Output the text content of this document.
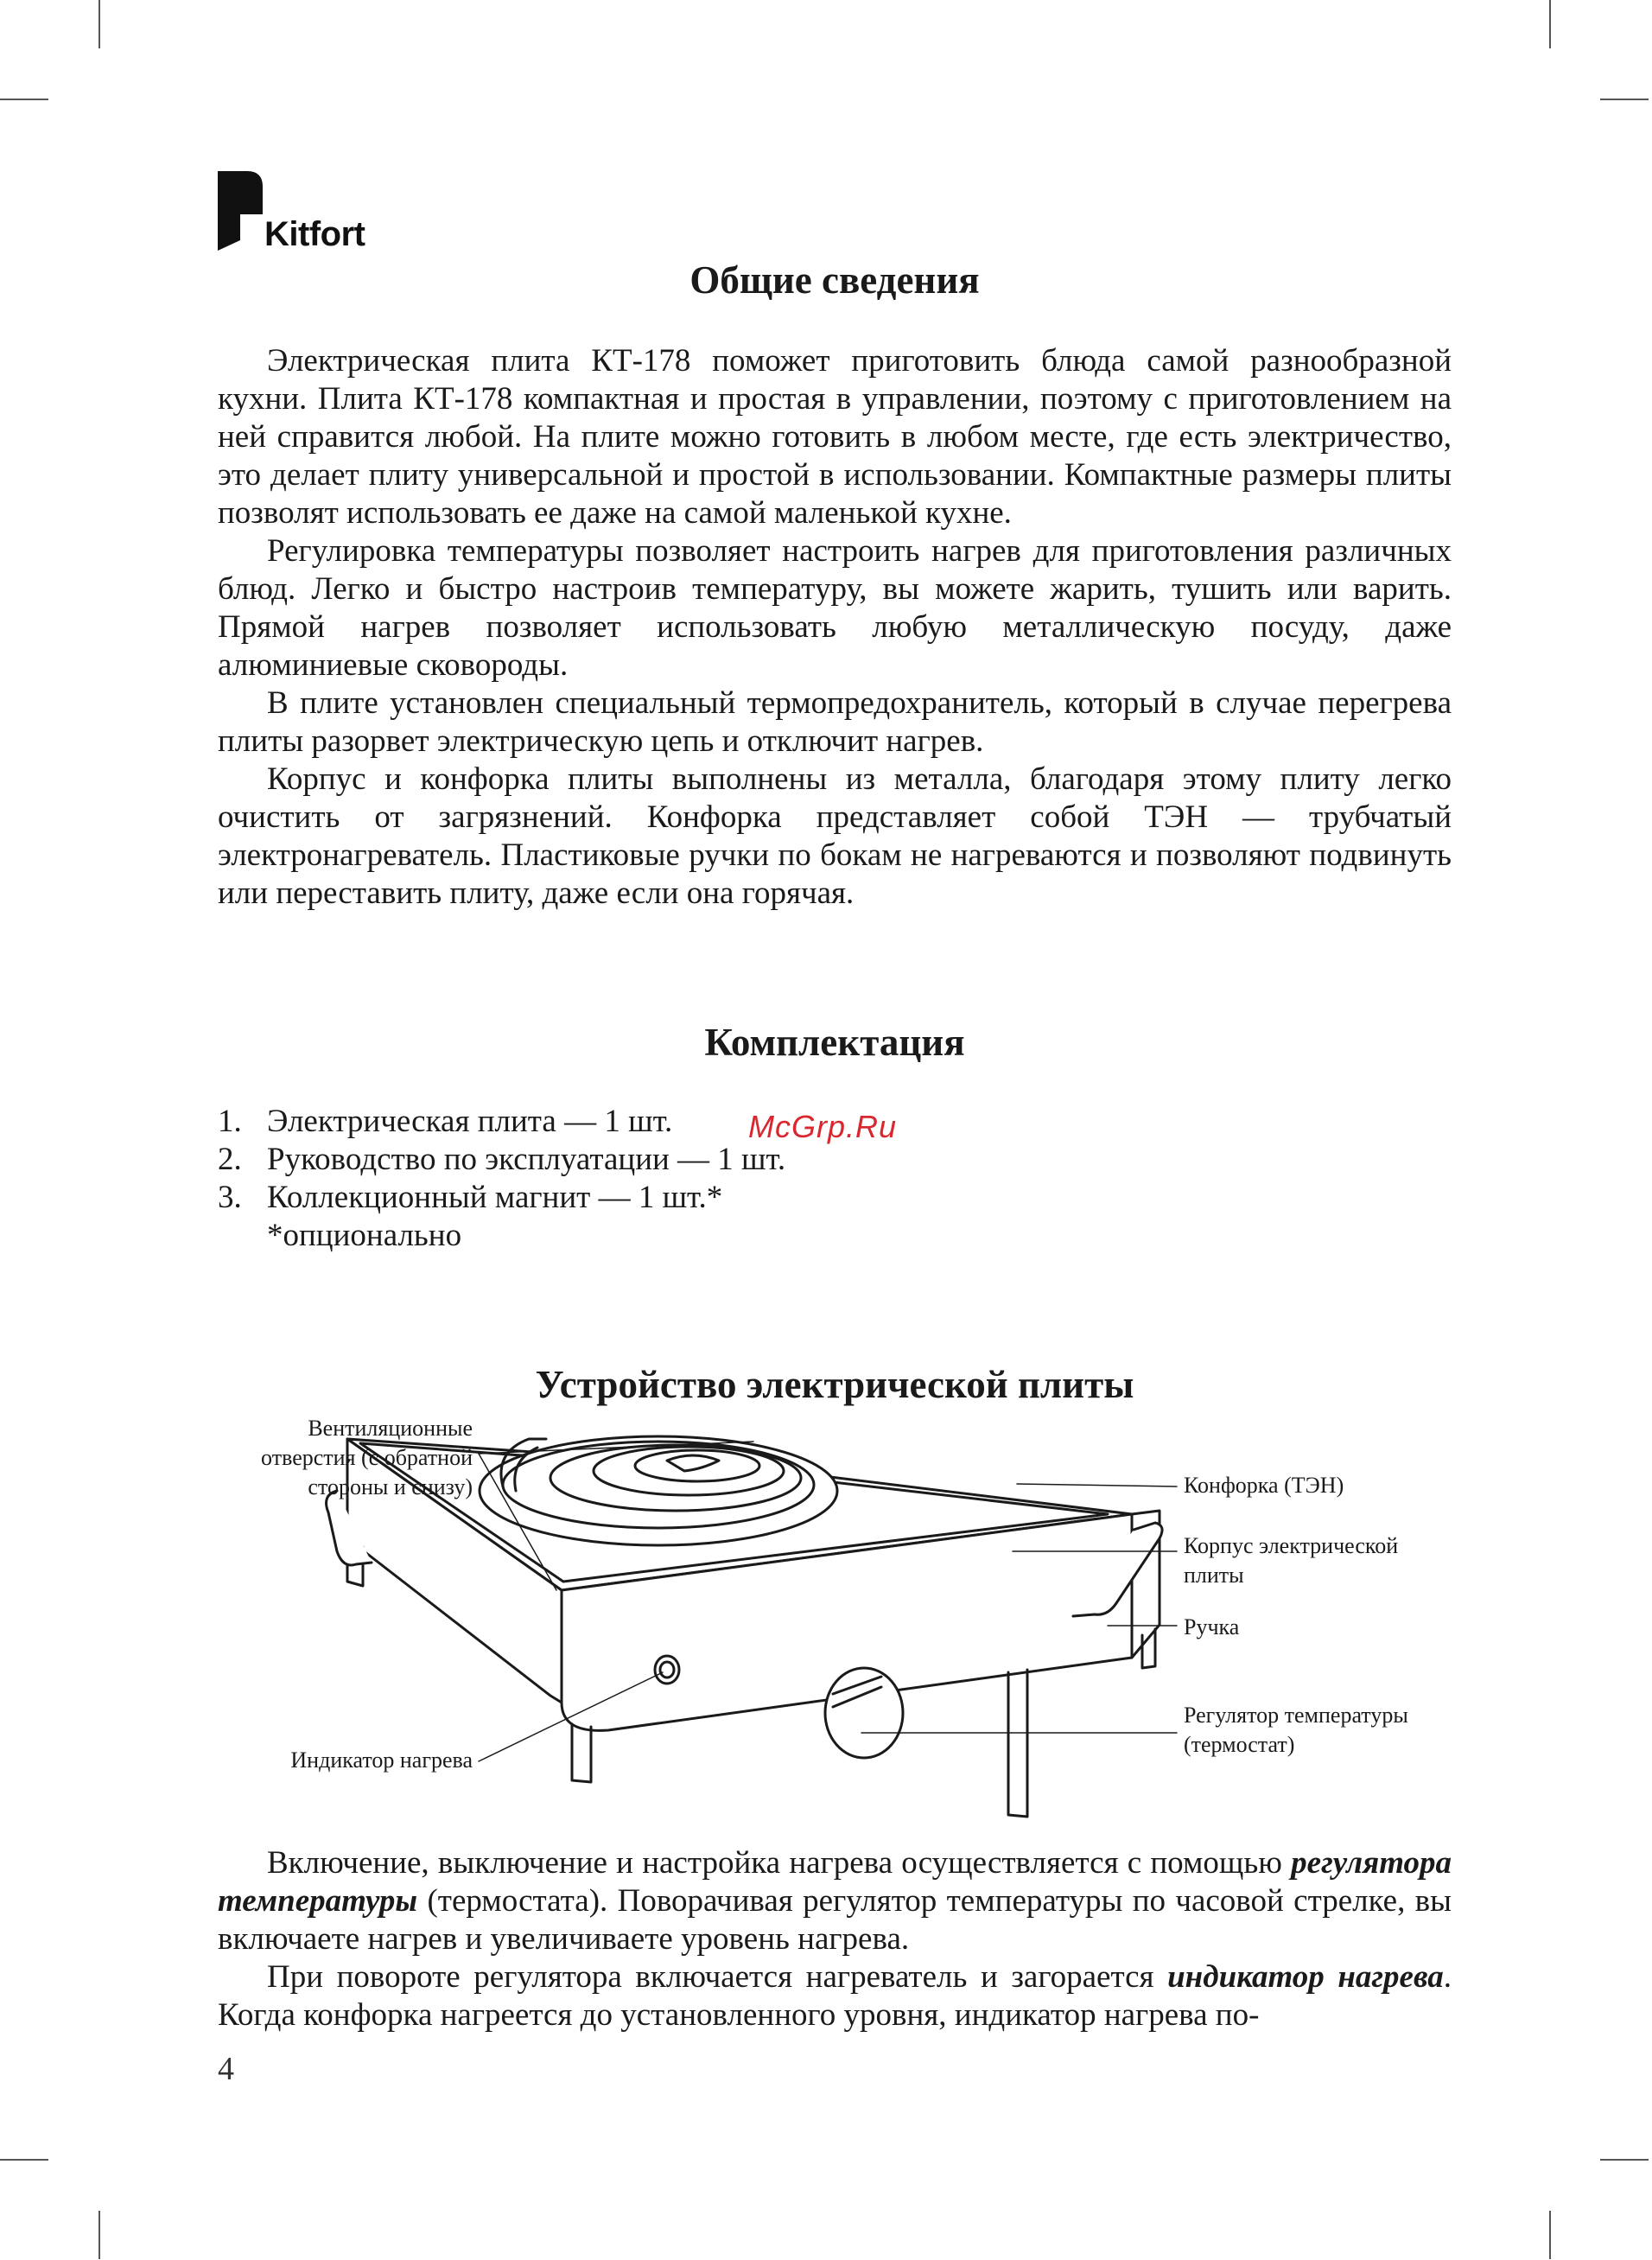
Kitfort
Общие сведения

Электрическая плита КТ-178 поможет приготовить блюда самой разнообразной кухни. Плита КТ-178 компактная и простая в управлении, поэтому с приготовлением на ней справится любой. На плите можно готовить в любом месте, где есть электричество, это делает плиту универсальной и простой в использовании. Компактные размеры плиты позволят использовать ее даже на самой маленькой кухне.

Регулировка температуры позволяет настроить нагрев для приготовления различных блюд. Легко и быстро настроив температуру, вы можете жарить, тушить или варить. Прямой нагрев позволяет использовать любую металлическую посуду, даже алюминиевые сковороды.

В плите установлен специальный термопредохранитель, который в случае перегрева плиты разорвет электрическую цепь и отключит нагрев.

Корпус и конфорка плиты выполнены из металла, благодаря этому плиту легко очистить от загрязнений. Конфорка представляет собой ТЭН — трубчатый электронагреватель. Пластиковые ручки по бокам не нагреваются и позволяют подвинуть или переставить плиту, даже если она горячая.

Комплектация
1. Электрическая плита — 1 шт.
2. Руководство по эксплуатации — 1 шт.
3. Коллекционный магнит — 1 шт.*
*опционально
McGrp.Ru
Устройство электрической плиты
Вентиляционные отверстия (с обратной стороны и снизу)	Конфорка (ТЭН)
Корпус электрической плиты
Ручка
Регулятор температуры (термостат)
Индикатор нагрева

Включение, выключение и настройка нагрева осуществляется с помощью регулятора температуры (термостата). Поворачивая регулятор температуры по часовой стрелке, вы включаете нагрев и увеличиваете уровень нагрева.

При повороте регулятора включается нагреватель и загорается индикатор нагрева. Когда конфорка нагреется до установленного уровня, индикатор нагрева по-

4
